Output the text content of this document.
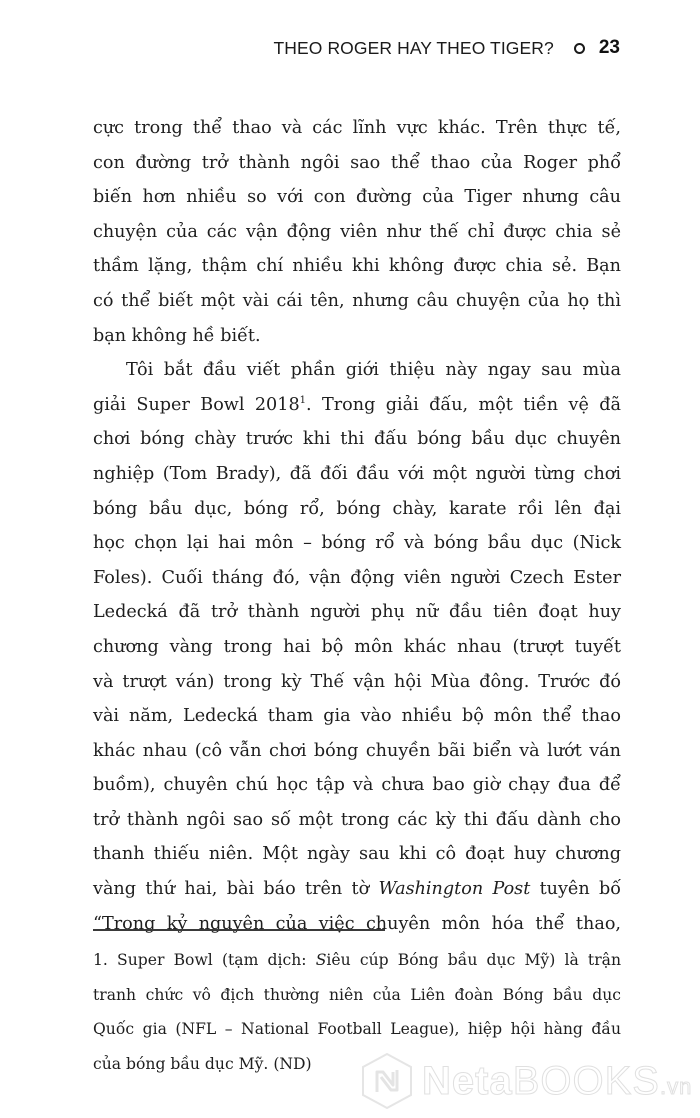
THEO ROGER HAY THEO TIGER? 23
cực trong thể thao và các lĩnh vực khác. Trên thực tế,
con đường trở thành ngôi sao thể thao của Roger phổ
biến hơn nhiều so với con đường của Tiger nhưng câu
chuyện của các vận động viên như thế chỉ được chia sẻ
thầm lặng, thậm chí nhiều khi không được chia sẻ. Bạn
có thể biết một vài cái tên, nhưng câu chuyện của họ thì
bạn không hề biết.
Tôi bắt đầu viết phần giới thiệu này ngay sau mùa
giải Super Bowl 2018$^1$. Trong giải đấu, một tiền vệ đã
chơi bóng chày trước khi thi đấu bóng bầu dục chuyên
nghiệp (Tom Brady), đã đối đầu với một người từng chơi
bóng bầu dục, bóng rổ, bóng chày, karate rồi lên đại
học chọn lại hai môn – bóng rổ và bóng bầu dục (Nick
Foles). Cuối tháng đó, vận động viên người Czech Ester
Ledecká đã trở thành người phụ nữ đầu tiên đoạt huy
chương vàng trong hai bộ môn khác nhau (trượt tuyết
và trượt ván) trong kỳ Thế vận hội Mùa đông. Trước đó
vài năm, Ledecká tham gia vào nhiều bộ môn thể thao
khác nhau (cô vẫn chơi bóng chuyền bãi biển và lướt ván
buồm), chuyên chú học tập và chưa bao giờ chạy đua để
trở thành ngôi sao số một trong các kỳ thi đấu dành cho
thanh thiếu niên. Một ngày sau khi cô đoạt huy chương
vàng thứ hai, bài báo trên tờ Washington Post tuyên bố
“Trong kỷ nguyên của việc chuyên môn hóa thể thao,
1. Super Bowl (tạm dịch: Siêu cúp Bóng bầu dục Mỹ) là trận
tranh chức vô địch thường niên của Liên đoàn Bóng bầu dục
Quốc gia (NFL – National Football League), hiệp hội hàng đầu
của bóng bầu dục Mỹ. (ND)	NetaBOOKS.vn
